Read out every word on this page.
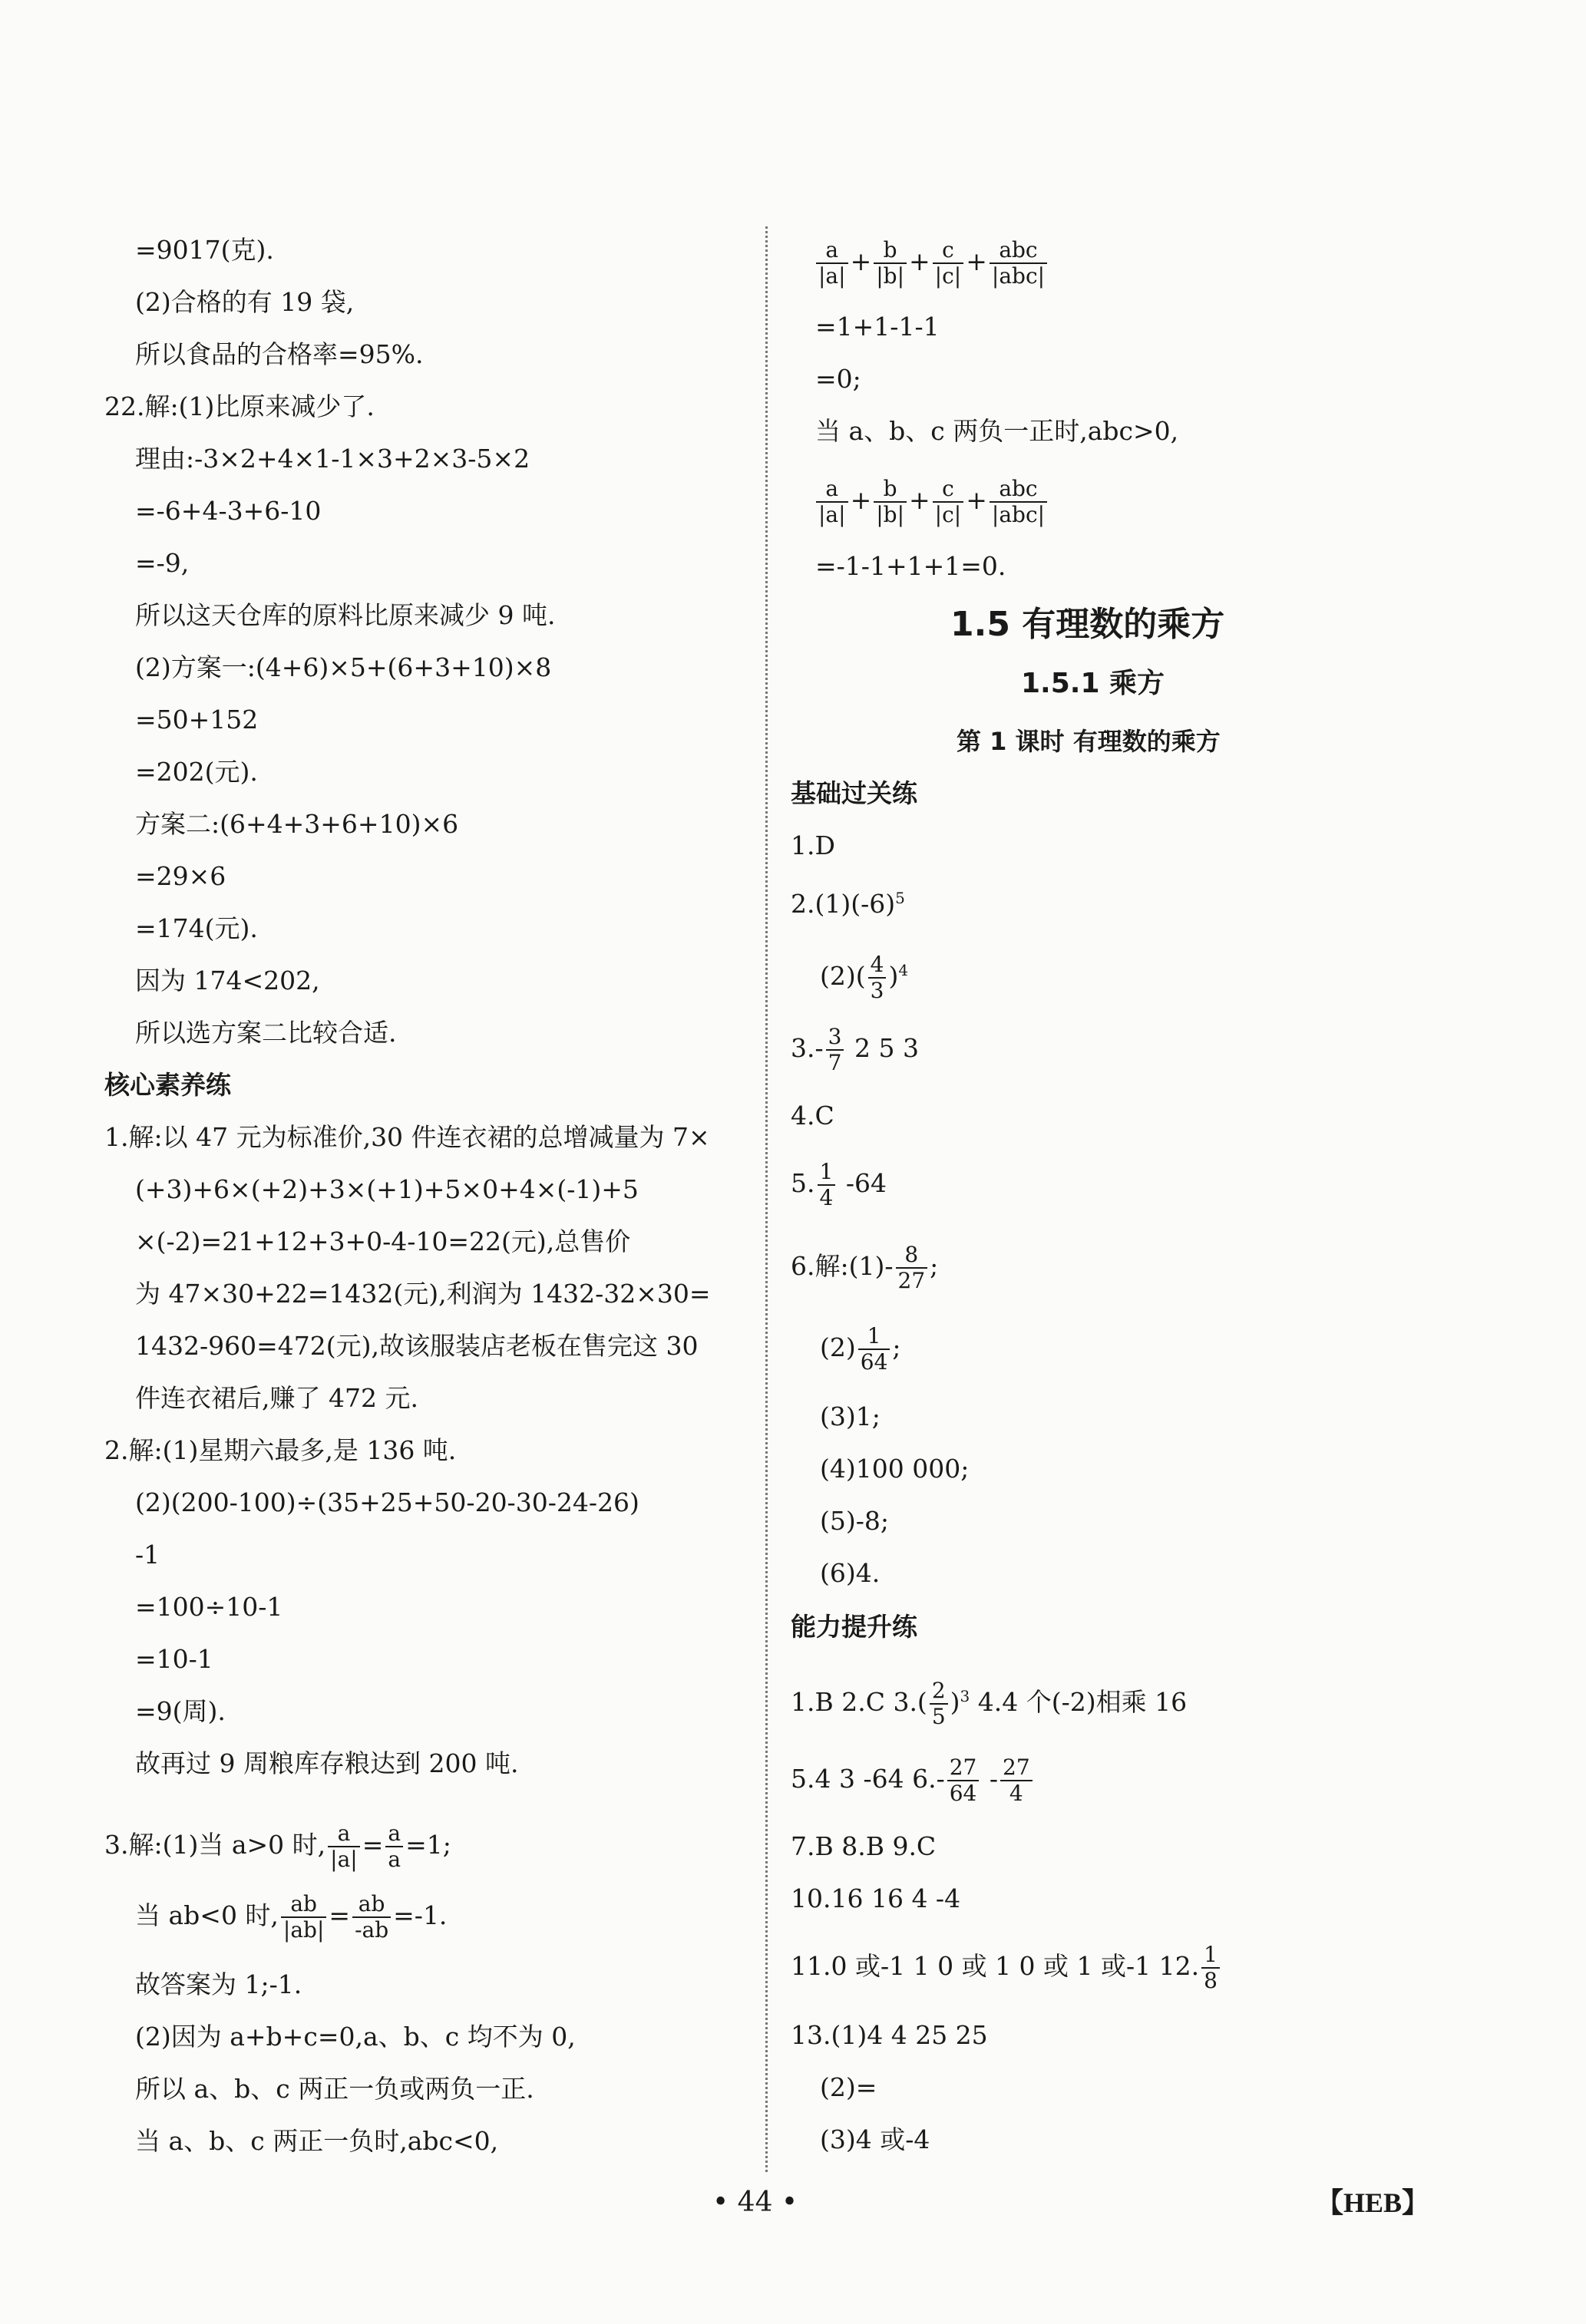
=9017(克).
(2)合格的有 19 袋,
所以食品的合格率=95%.
22.解:(1)比原来减少了.
理由:-3×2+4×1-1×3+2×3-5×2
=-6+4-3+6-10
=-9,
所以这天仓库的原料比原来减少 9 吨.
(2)方案一:(4+6)×5+(6+3+10)×8
=50+152
=202(元).
方案二:(6+4+3+6+10)×6
=29×6
=174(元).
因为 174<202,
所以选方案二比较合适.
核心素养练
1.解:以 47 元为标准价,30 件连衣裙的总增减量为 7×
(+3)+6×(+2)+3×(+1)+5×0+4×(-1)+5
×(-2)=21+12+3+0-4-10=22(元),总售价
为 47×30+22=1432(元),利润为 1432-32×30=
1432-960=472(元),故该服装店老板在售完这 30
件连衣裙后,赚了 472 元.
2.解:(1)星期六最多,是 136 吨.
(2)(200-100)÷(35+25+50-20-30-24-26)
-1
=100÷10-1
=10-1
=9(周).
故再过 9 周粮库存粮达到 200 吨.
3.解:(1)当 a>0 时, $\frac{a}{|a|} = \frac{a}{a} =1$;
当 ab<0 时, $\frac{ab}{|ab|} = \frac{ab}{-ab} =-1$.
故答案为 1;-1.
(2)因为 a+b+c=0,a、b、c 均不为 0,
所以 a、b、c 两正一负或两负一正.
当 a、b、c 两正一负时,abc<0,
$\frac{a}{|a|} + \frac{b}{|b|} + \frac{c}{|c|} + \frac{\text{abc}}{\text{|abc|}}$
=1+1-1-1
=0;
当 a、b、c 两负一正时,abc>0,
$\frac{a}{|a|} + \frac{b}{|b|} + \frac{c}{|c|} + \frac{\text{abc}}{\text{|abc|}}$
=-1-1+1+1=0.
1.5 有理数的乘方
1.5.1 乘方
第 1 课时 有理数的乘方
基础过关练
1.D
$2.(1)(-6)^5$
$(2)( \frac{4}{3} )^4$
$3.- \frac{3}{7} 2$ 5 3
4.C
5. $\frac{1}{4} -64$
6.解:(1)- $\frac{8}{27}$ ;
$(2) \frac{1}{64}$ ;
(3)1;
(4)100 000;
(5)-8;
(6)4.
能力提升练
1.B 2.C $3.( \frac{2}{5} )^3$ 4.4 个(-2)相乘 16
5.4 3 -64 $6.- \frac{27}{64} - \frac{27}{4}$
7.B 8.B 9.C
10.16 16 4 -4
11.0 或-1 1 0 或 1 0 或 1 或-1 12. $\frac{1}{8}$
13.(1)4 4 25 25
(2)=
(3)4 或-4
• 44 •	【HEB】
